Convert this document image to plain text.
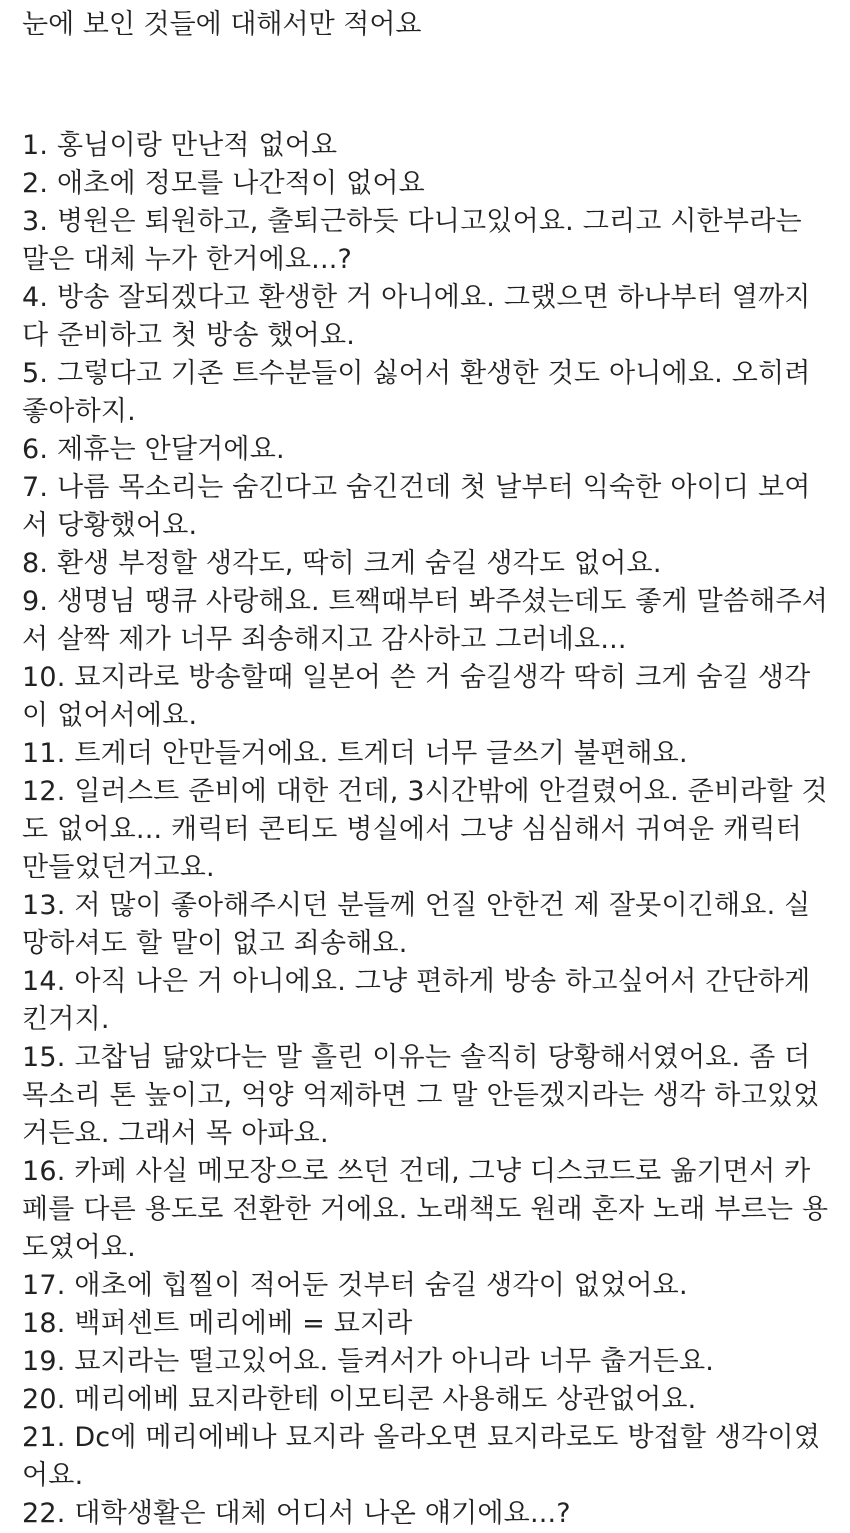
눈에 보인 것들에 대해서만 적어요
1. 홍님이랑 만난적 없어요
2. 애초에 정모를 나간적이 없어요
3. 병원은 퇴원하고, 출퇴근하듯 다니고있어요. 그리고 시한부라는 말은 대체 누가 한거에요...?
4. 방송 잘되겠다고 환생한 거 아니에요. 그랬으면 하나부터 열까지 다 준비하고 첫 방송 했어요.
5. 그렇다고 기존 트수분들이 싫어서 환생한 것도 아니에요. 오히려 좋아하지.
6. 제휴는 안달거에요.
7. 나름 목소리는 숨긴다고 숨긴건데 첫 날부터 익숙한 아이디 보여서 당황했어요.
8. 환생 부정할 생각도, 딱히 크게 숨길 생각도 없어요.
9. 생명님 땡큐 사랑해요. 트짹때부터 봐주셨는데도 좋게 말씀해주셔서 살짝 제가 너무 죄송해지고 감사하고 그러네요...
10. 묘지라로 방송할때 일본어 쓴 거 숨길생각 딱히 크게 숨길 생각이 없어서에요.
11. 트게더 안만들거에요. 트게더 너무 글쓰기 불편해요.
12. 일러스트 준비에 대한 건데, 3시간밖에 안걸렸어요. 준비라할 것도 없어요... 캐릭터 콘티도 병실에서 그냥 심심해서 귀여운 캐릭터 만들었던거고요.
13. 저 많이 좋아해주시던 분들께 언질 안한건 제 잘못이긴해요. 실망하셔도 할 말이 없고 죄송해요.
14. 아직 나은 거 아니에요. 그냥 편하게 방송 하고싶어서 간단하게 킨거지.
15. 고찹님 닮았다는 말 흘린 이유는 솔직히 당황해서였어요. 좀 더 목소리 톤 높이고, 억양 억제하면 그 말 안듣겠지라는 생각 하고있었거든요. 그래서 목 아파요.
16. 카페 사실 메모장으로 쓰던 건데, 그냥 디스코드로 옮기면서 카페를 다른 용도로 전환한 거에요. 노래책도 원래 혼자 노래 부르는 용도였어요.
17. 애초에 힙찔이 적어둔 것부터 숨길 생각이 없었어요.
18. 백퍼센트 메리에베 = 묘지라
19. 묘지라는 떨고있어요. 들켜서가 아니라 너무 춥거든요.
20. 메리에베 묘지라한테 이모티콘 사용해도 상관없어요.
21. Dc에 메리에베나 묘지라 올라오면 묘지라로도 방접할 생각이였어요.
22. 대학생활은 대체 어디서 나온 얘기에요...?
